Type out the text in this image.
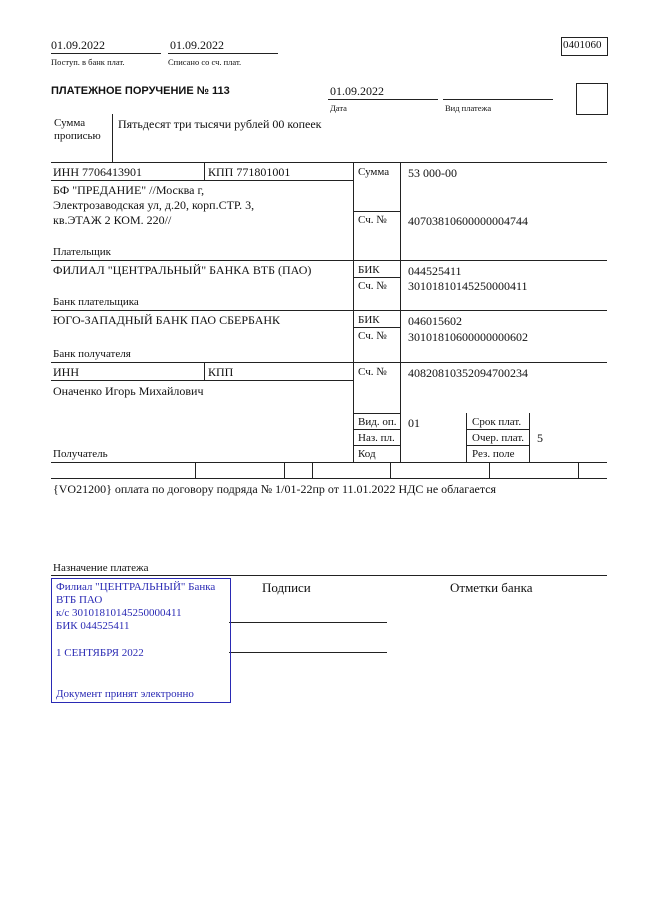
01.09.2022
Поступ. в банк плат.
01.09.2022
Списано со сч. плат.
0401060
ПЛАТЕЖНОЕ ПОРУЧЕНИЕ № 113	01.09.2022
Дата	Вид платежа
Сумма
прописью
Пятьдесят три тысячи рублей 00 копеек
ИНН 7706413901	КПП 771801001
БФ "ПРЕДАНИЕ" //Москва г,
Электрозаводская ул, д.20, корп.СТР. 3,
кв.ЭТАЖ 2 КОМ. 220//
Плательщик
Сумма 53 000-00
Сч. № 40703810600000004744
ФИЛИАЛ "ЦЕНТРАЛЬНЫЙ" БАНКА ВТБ (ПАО)	БИК 044525411
Сч. № 30101810145250000411
Банк плательщика
ЮГО-ЗАПАДНЫЙ БАНК ПАО СБЕРБАНК	БИК 046015602
Сч. № 30101810600000000602
Банк получателя
ИНН	КПП	Сч. № 40820810352094700234
Оначенко Игорь Михайлович
Вид. оп. 01	Срок плат.
Наз. пл.	Очер. плат. 5
Код	Рез. поле
Получатель
{VO21200} оплата по договору подряда № 1/01-22пр от 11.01.2022 НДС не облагается
Назначение платежа
Подписи	Отметки банка
Филиал "ЦЕНТРАЛЬНЫЙ" Банка
ВТБ ПАО
к/с 30101810145250000411
БИК 044525411
1 СЕНТЯБРЯ 2022
Документ принят электронно
